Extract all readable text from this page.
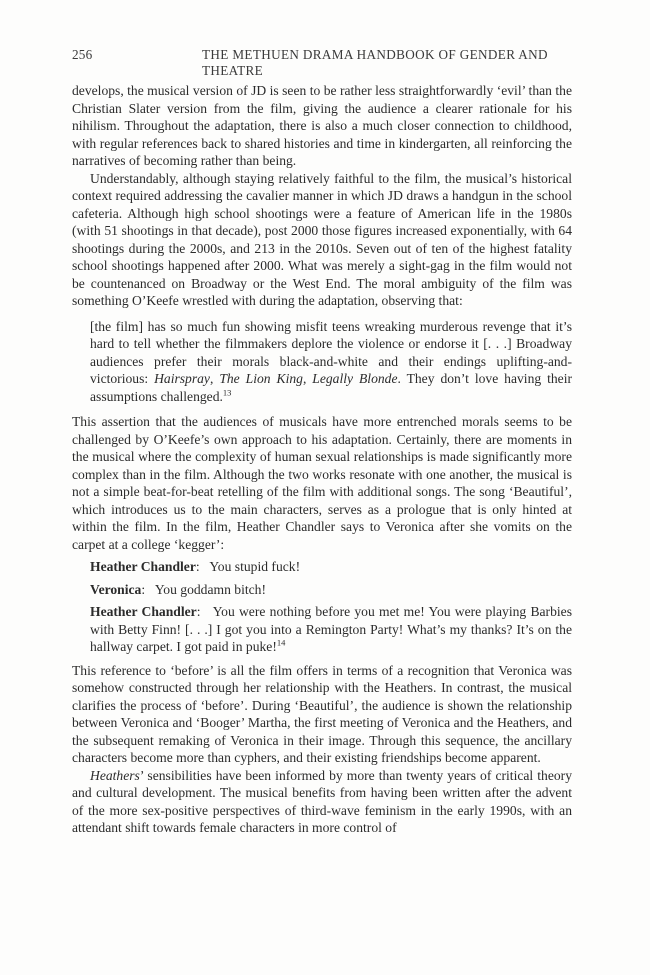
256	THE METHUEN DRAMA HANDBOOK OF GENDER AND THEATRE

develops, the musical version of JD is seen to be rather less straightforwardly ‘evil’ than the Christian Slater version from the film, giving the audience a clearer rationale for his nihilism. Throughout the adaptation, there is also a much closer connection to childhood, with regular references back to shared histories and time in kindergarten, all reinforcing the narratives of becoming rather than being.

Understandably, although staying relatively faithful to the film, the musical’s historical context required addressing the cavalier manner in which JD draws a handgun in the school cafeteria. Although high school shootings were a feature of American life in the 1980s (with 51 shootings in that decade), post 2000 those figures increased exponentially, with 64 shootings during the 2000s, and 213 in the 2010s. Seven out of ten of the highest fatality school shootings happened after 2000. What was merely a sight-gag in the film would not be countenanced on Broadway or the West End. The moral ambiguity of the film was something O’Keefe wrestled with during the adaptation, observing that:

[the film] has so much fun showing misfit teens wreaking murderous revenge that it’s hard to tell whether the filmmakers deplore the violence or endorse it [. . .] Broadway audiences prefer their morals black-and-white and their endings uplifting-and-victorious: Hairspray, The Lion King, Legally Blonde. They don’t love having their assumptions challenged.$^{13}$

This assertion that the audiences of musicals have more entrenched morals seems to be challenged by O’Keefe’s own approach to his adaptation. Certainly, there are moments in the musical where the complexity of human sexual relationships is made significantly more complex than in the film. Although the two works resonate with one another, the musical is not a simple beat-for-beat retelling of the film with additional songs. The song ‘Beautiful’, which introduces us to the main characters, serves as a prologue that is only hinted at within the film. In the film, Heather Chandler says to Veronica after she vomits on the carpet at a college ‘kegger’:

Heather Chandler: You stupid fuck!

Veronica: You goddamn bitch!

Heather Chandler: You were nothing before you met me! You were playing Barbies with Betty Finn! [. . .] I got you into a Remington Party! What’s my thanks? It’s on the hallway carpet. I got paid in puke!$^{14}$

This reference to ‘before’ is all the film offers in terms of a recognition that Veronica was somehow constructed through her relationship with the Heathers. In contrast, the musical clarifies the process of ‘before’. During ‘Beautiful’, the audience is shown the relationship between Veronica and ‘Booger’ Martha, the first meeting of Veronica and the Heathers, and the subsequent remaking of Veronica in their image. Through this sequence, the ancillary characters become more than cyphers, and their existing friendships become apparent.

Heathers’ sensibilities have been informed by more than twenty years of critical theory and cultural development. The musical benefits from having been written after the advent of the more sex-positive perspectives of third-wave feminism in the early 1990s, with an attendant shift towards female characters in more control of
